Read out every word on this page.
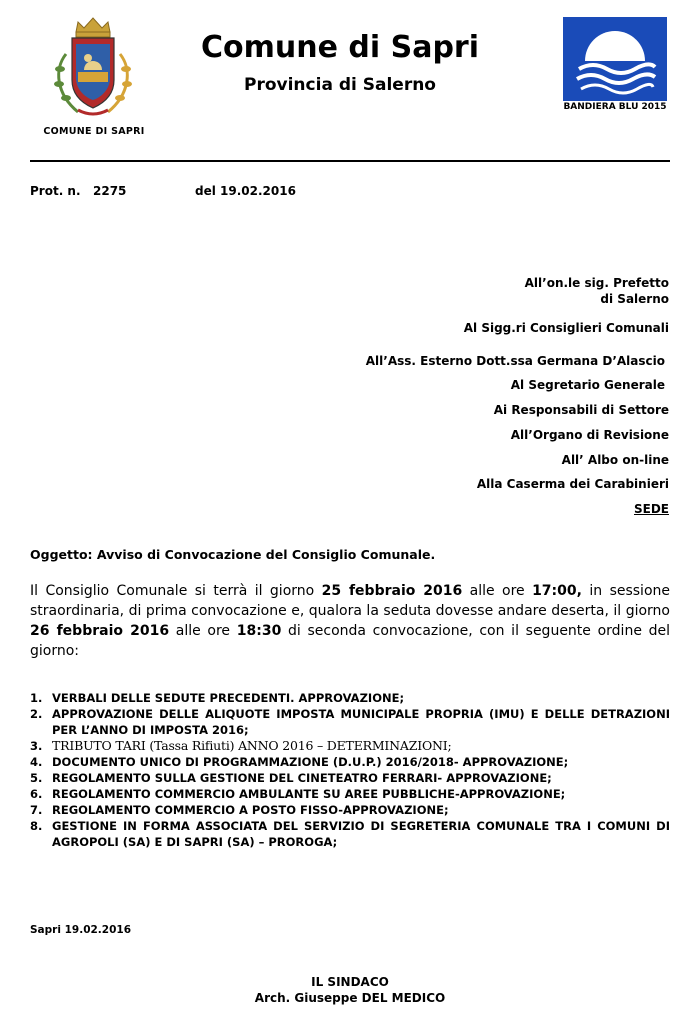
COMUNE DI SAPRI
Comune di Sapri
Provincia di Salerno
BANDIERA BLU 2015
Prot. n. 2275	del 19.02.2016
All’on.le sig. Prefetto
di Salerno
Al Sigg.ri Consiglieri Comunali
All’Ass. Esterno Dott.ssa Germana D’Alascio
Al Segretario Generale
Ai Responsabili di Settore
All’Organo di Revisione
All’ Albo on-line
Alla Caserma dei Carabinieri
SEDE
Oggetto: Avviso di Convocazione del Consiglio Comunale.
Il Consiglio Comunale si terrà il giorno 25 febbraio 2016 alle ore 17:00, in sessione straordinaria, di prima convocazione e, qualora la seduta dovesse andare deserta, il giorno 26 febbraio 2016 alle ore 18:30 di seconda convocazione, con il seguente ordine del giorno:
1. VERBALI DELLE SEDUTE PRECEDENTI. APPROVAZIONE;
2. APPROVAZIONE DELLE ALIQUOTE IMPOSTA MUNICIPALE PROPRIA (IMU) E DELLE DETRAZIONI PER L’ANNO DI IMPOSTA 2016;
3. TRIBUTO TARI (Tassa Rifiuti) ANNO 2016 – DETERMINAZIONI;
4. DOCUMENTO UNICO DI PROGRAMMAZIONE (D.U.P.) 2016/2018- APPROVAZIONE;
5. REGOLAMENTO SULLA GESTIONE DEL CINETEATRO FERRARI- APPROVAZIONE;
6. REGOLAMENTO COMMERCIO AMBULANTE SU AREE PUBBLICHE-APPROVAZIONE;
7. REGOLAMENTO COMMERCIO A POSTO FISSO-APPROVAZIONE;
8. GESTIONE IN FORMA ASSOCIATA DEL SERVIZIO DI SEGRETERIA COMUNALE TRA I COMUNI DI AGROPOLI (SA) E DI SAPRI (SA) – PROROGA;
Sapri 19.02.2016
IL SINDACO
Arch. Giuseppe DEL MEDICO
